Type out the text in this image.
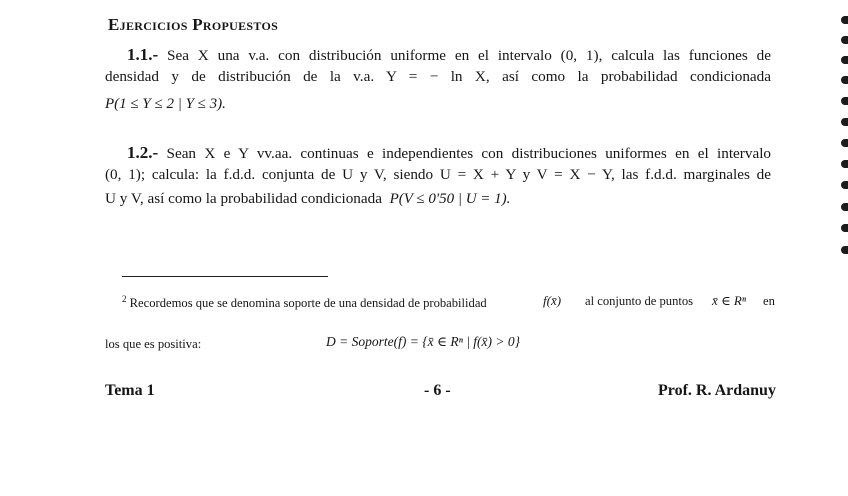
Ejercicios Propuestos
1.1.- Sea X una v.a. con distribución uniforme en el intervalo (0, 1), calcula las funciones de
densidad y de distribución de la v.a. Y = − ln X, así como la probabilidad condicionada
P(1 ≤ Y ≤ 2 | Y ≤ 3).
1.2.- Sean X e Y vv.aa. continuas e independientes con distribuciones uniformes en el intervalo
(0, 1); calcula: la f.d.d. conjunta de U y V, siendo U = X + Y y V = X − Y, las f.d.d. marginales de
U y V, así como la probabilidad condicionada P(V ≤ 0'50 | U = 1).
$^2$ Recordemos que se denomina soporte de una densidad de probabilidad	f(x̄) al conjunto de puntos x̄ ∈ Rⁿ en
los que es positiva:	D = Soporte(f) = {x̄ ∈ Rⁿ | f(x̄) > 0}
Tema 1	- 6 -	Prof. R. Ardanuy
